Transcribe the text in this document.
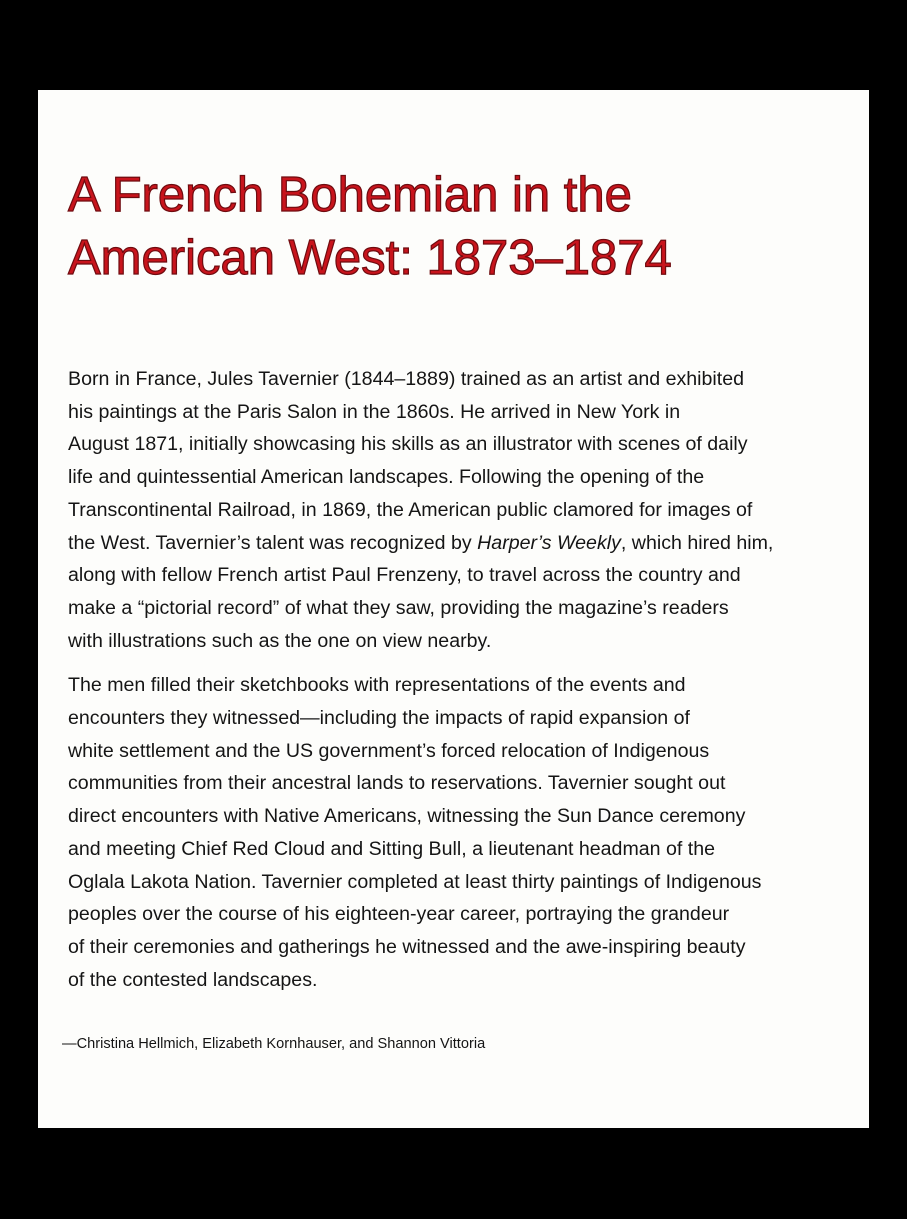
A French Bohemian in the
American West: 1873–1874

Born in France, Jules Tavernier (1844–1889) trained as an artist and exhibited
his paintings at the Paris Salon in the 1860s. He arrived in New York in
August 1871, initially showcasing his skills as an illustrator with scenes of daily
life and quintessential American landscapes. Following the opening of the
Transcontinental Railroad, in 1869, the American public clamored for images of
the West. Tavernier’s talent was recognized by Harper’s Weekly, which hired him,
along with fellow French artist Paul Frenzeny, to travel across the country and
make a “pictorial record” of what they saw, providing the magazine’s readers
with illustrations such as the one on view nearby.

The men filled their sketchbooks with representations of the events and
encounters they witnessed—including the impacts of rapid expansion of
white settlement and the US government’s forced relocation of Indigenous
communities from their ancestral lands to reservations. Tavernier sought out
direct encounters with Native Americans, witnessing the Sun Dance ceremony
and meeting Chief Red Cloud and Sitting Bull, a lieutenant headman of the
Oglala Lakota Nation. Tavernier completed at least thirty paintings of Indigenous
peoples over the course of his eighteen-year career, portraying the grandeur
of their ceremonies and gatherings he witnessed and the awe-inspiring beauty
of the contested landscapes.

—Christina Hellmich, Elizabeth Kornhauser, and Shannon Vittoria
